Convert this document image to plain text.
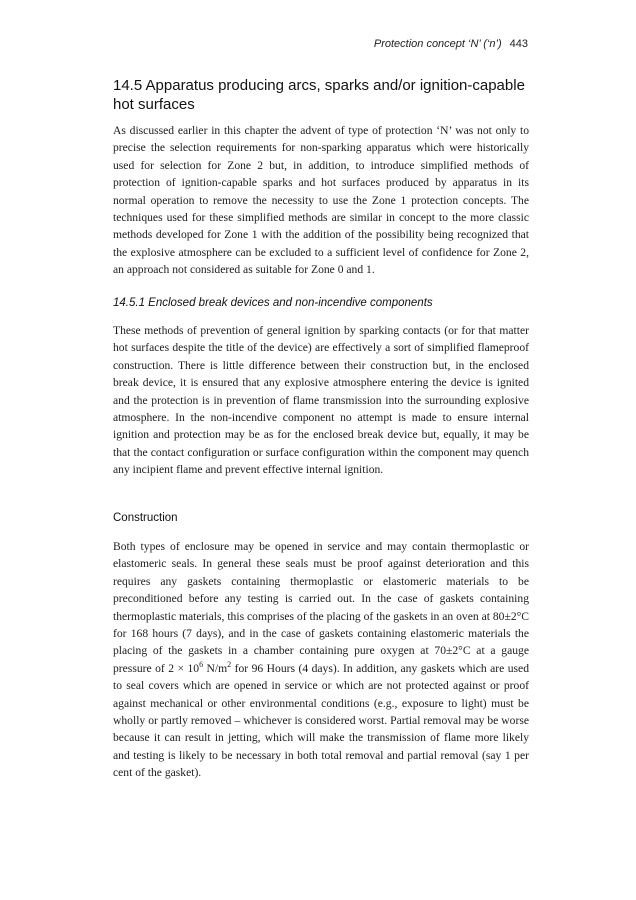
Protection concept ‘N’ (‘n’) 443
14.5 Apparatus producing arcs, sparks and/or ignition-capable hot surfaces

As discussed earlier in this chapter the advent of type of protection ‘N’ was not only to precise the selection requirements for non-sparking apparatus which were historically used for selection for Zone 2 but, in addition, to introduce simplified methods of protection of ignition-capable sparks and hot surfaces produced by apparatus in its normal operation to remove the necessity to use the Zone 1 protection concepts. The techniques used for these simplified methods are similar in concept to the more classic methods developed for Zone 1 with the addition of the possibility being recognized that the explosive atmosphere can be excluded to a sufficient level of confidence for Zone 2, an approach not considered as suitable for Zone 0 and 1.

14.5.1 Enclosed break devices and non-incendive components

These methods of prevention of general ignition by sparking contacts (or for that matter hot surfaces despite the title of the device) are effectively a sort of simplified flameproof construction. There is little difference between their construction but, in the enclosed break device, it is ensured that any explosive atmosphere entering the device is ignited and the protection is in prevention of flame transmission into the surrounding explosive atmosphere. In the non-incendive component no attempt is made to ensure internal ignition and protection may be as for the enclosed break device but, equally, it may be that the contact configuration or surface configuration within the component may quench any incipient flame and prevent effective internal ignition.

Construction

Both types of enclosure may be opened in service and may contain thermoplastic or elastomeric seals. In general these seals must be proof against deterioration and this requires any gaskets containing thermoplastic or elastomeric materials to be preconditioned before any testing is carried out. In the case of gaskets containing thermoplastic materials, this comprises of the placing of the gaskets in an oven at 80±2°C for 168 hours (7 days), and in the case of gaskets containing elastomeric materials the placing of the gaskets in a chamber containing pure oxygen at 70±2°C at a gauge pressure of $2 \times 10^6$ $N/m^2$ for 96 Hours (4 days). In addition, any gaskets which are used to seal covers which are opened in service or which are not protected against or proof against mechanical or other environmental conditions (e.g., exposure to light) must be wholly or partly removed – whichever is considered worst. Partial removal may be worse because it can result in jetting, which will make the transmission of flame more likely and testing is likely to be necessary in both total removal and partial removal (say 1 per cent of the gasket).
